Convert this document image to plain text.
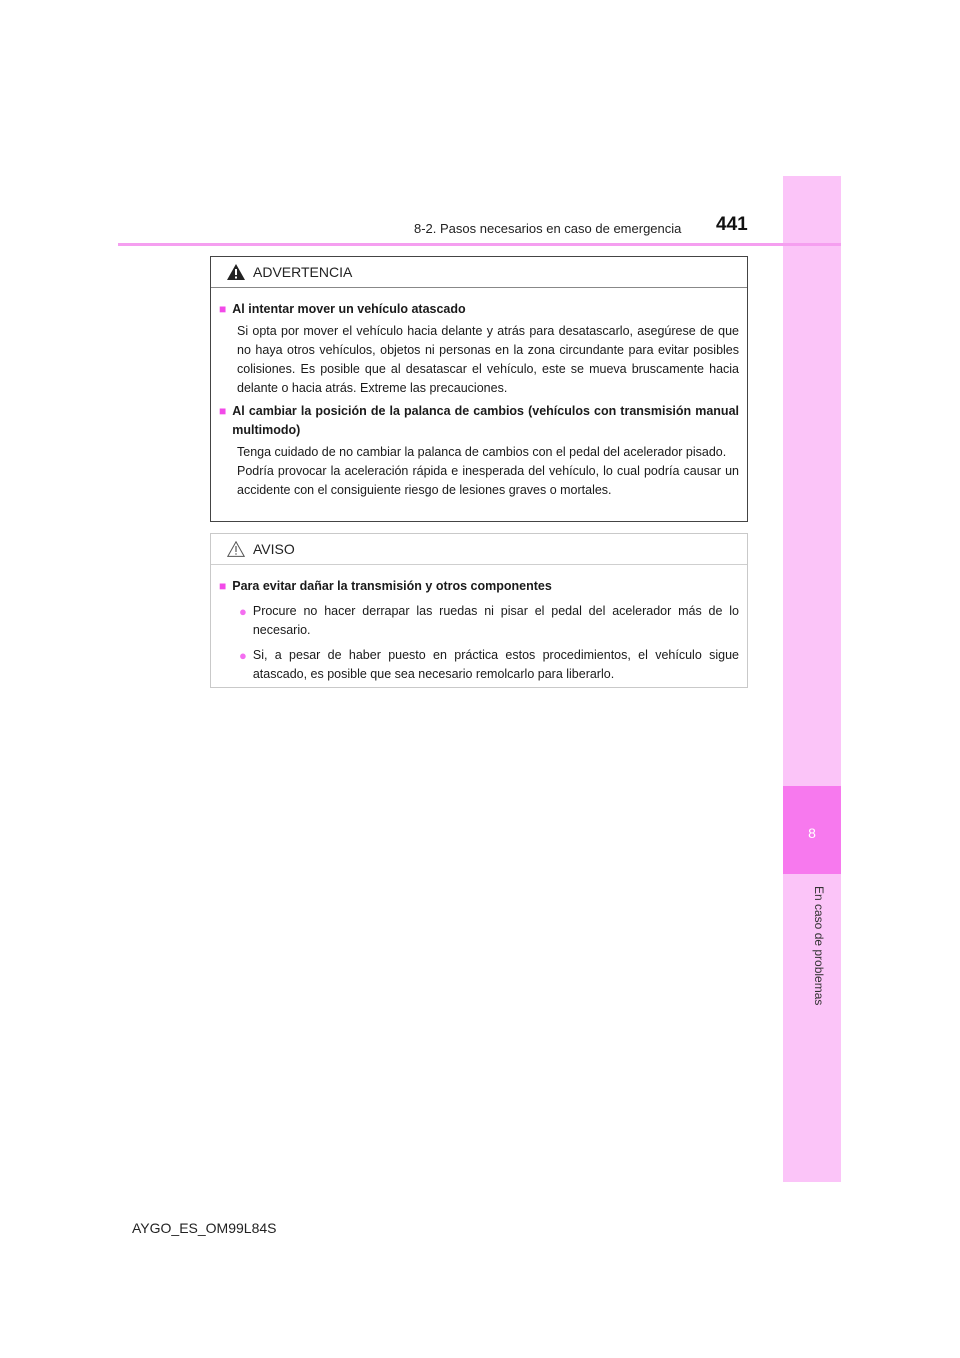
8
En caso de problemas
8-2. Pasos necesarios en caso de emergencia 441
ADVERTENCIA
■ Al intentar mover un vehículo atascado
Si opta por mover el vehículo hacia delante y atrás para desatascarlo, asegúrese de que no haya otros vehículos, objetos ni personas en la zona circundante para evitar posibles colisiones. Es posible que al desatascar el vehículo, este se mueva bruscamente hacia delante o hacia atrás. Extreme las precauciones.
■ Al cambiar la posición de la palanca de cambios (vehículos con transmisión manual multimodo)
Tenga cuidado de no cambiar la palanca de cambios con el pedal del acelerador pisado.
Podría provocar la aceleración rápida e inesperada del vehículo, lo cual podría causar un accidente con el consiguiente riesgo de lesiones graves o mortales.
AVISO
■ Para evitar dañar la transmisión y otros componentes
● Procure no hacer derrapar las ruedas ni pisar el pedal del acelerador más de lo necesario.
● Si, a pesar de haber puesto en práctica estos procedimientos, el vehículo sigue atascado, es posible que sea necesario remolcarlo para liberarlo.
AYGO_ES_OM99L84S
